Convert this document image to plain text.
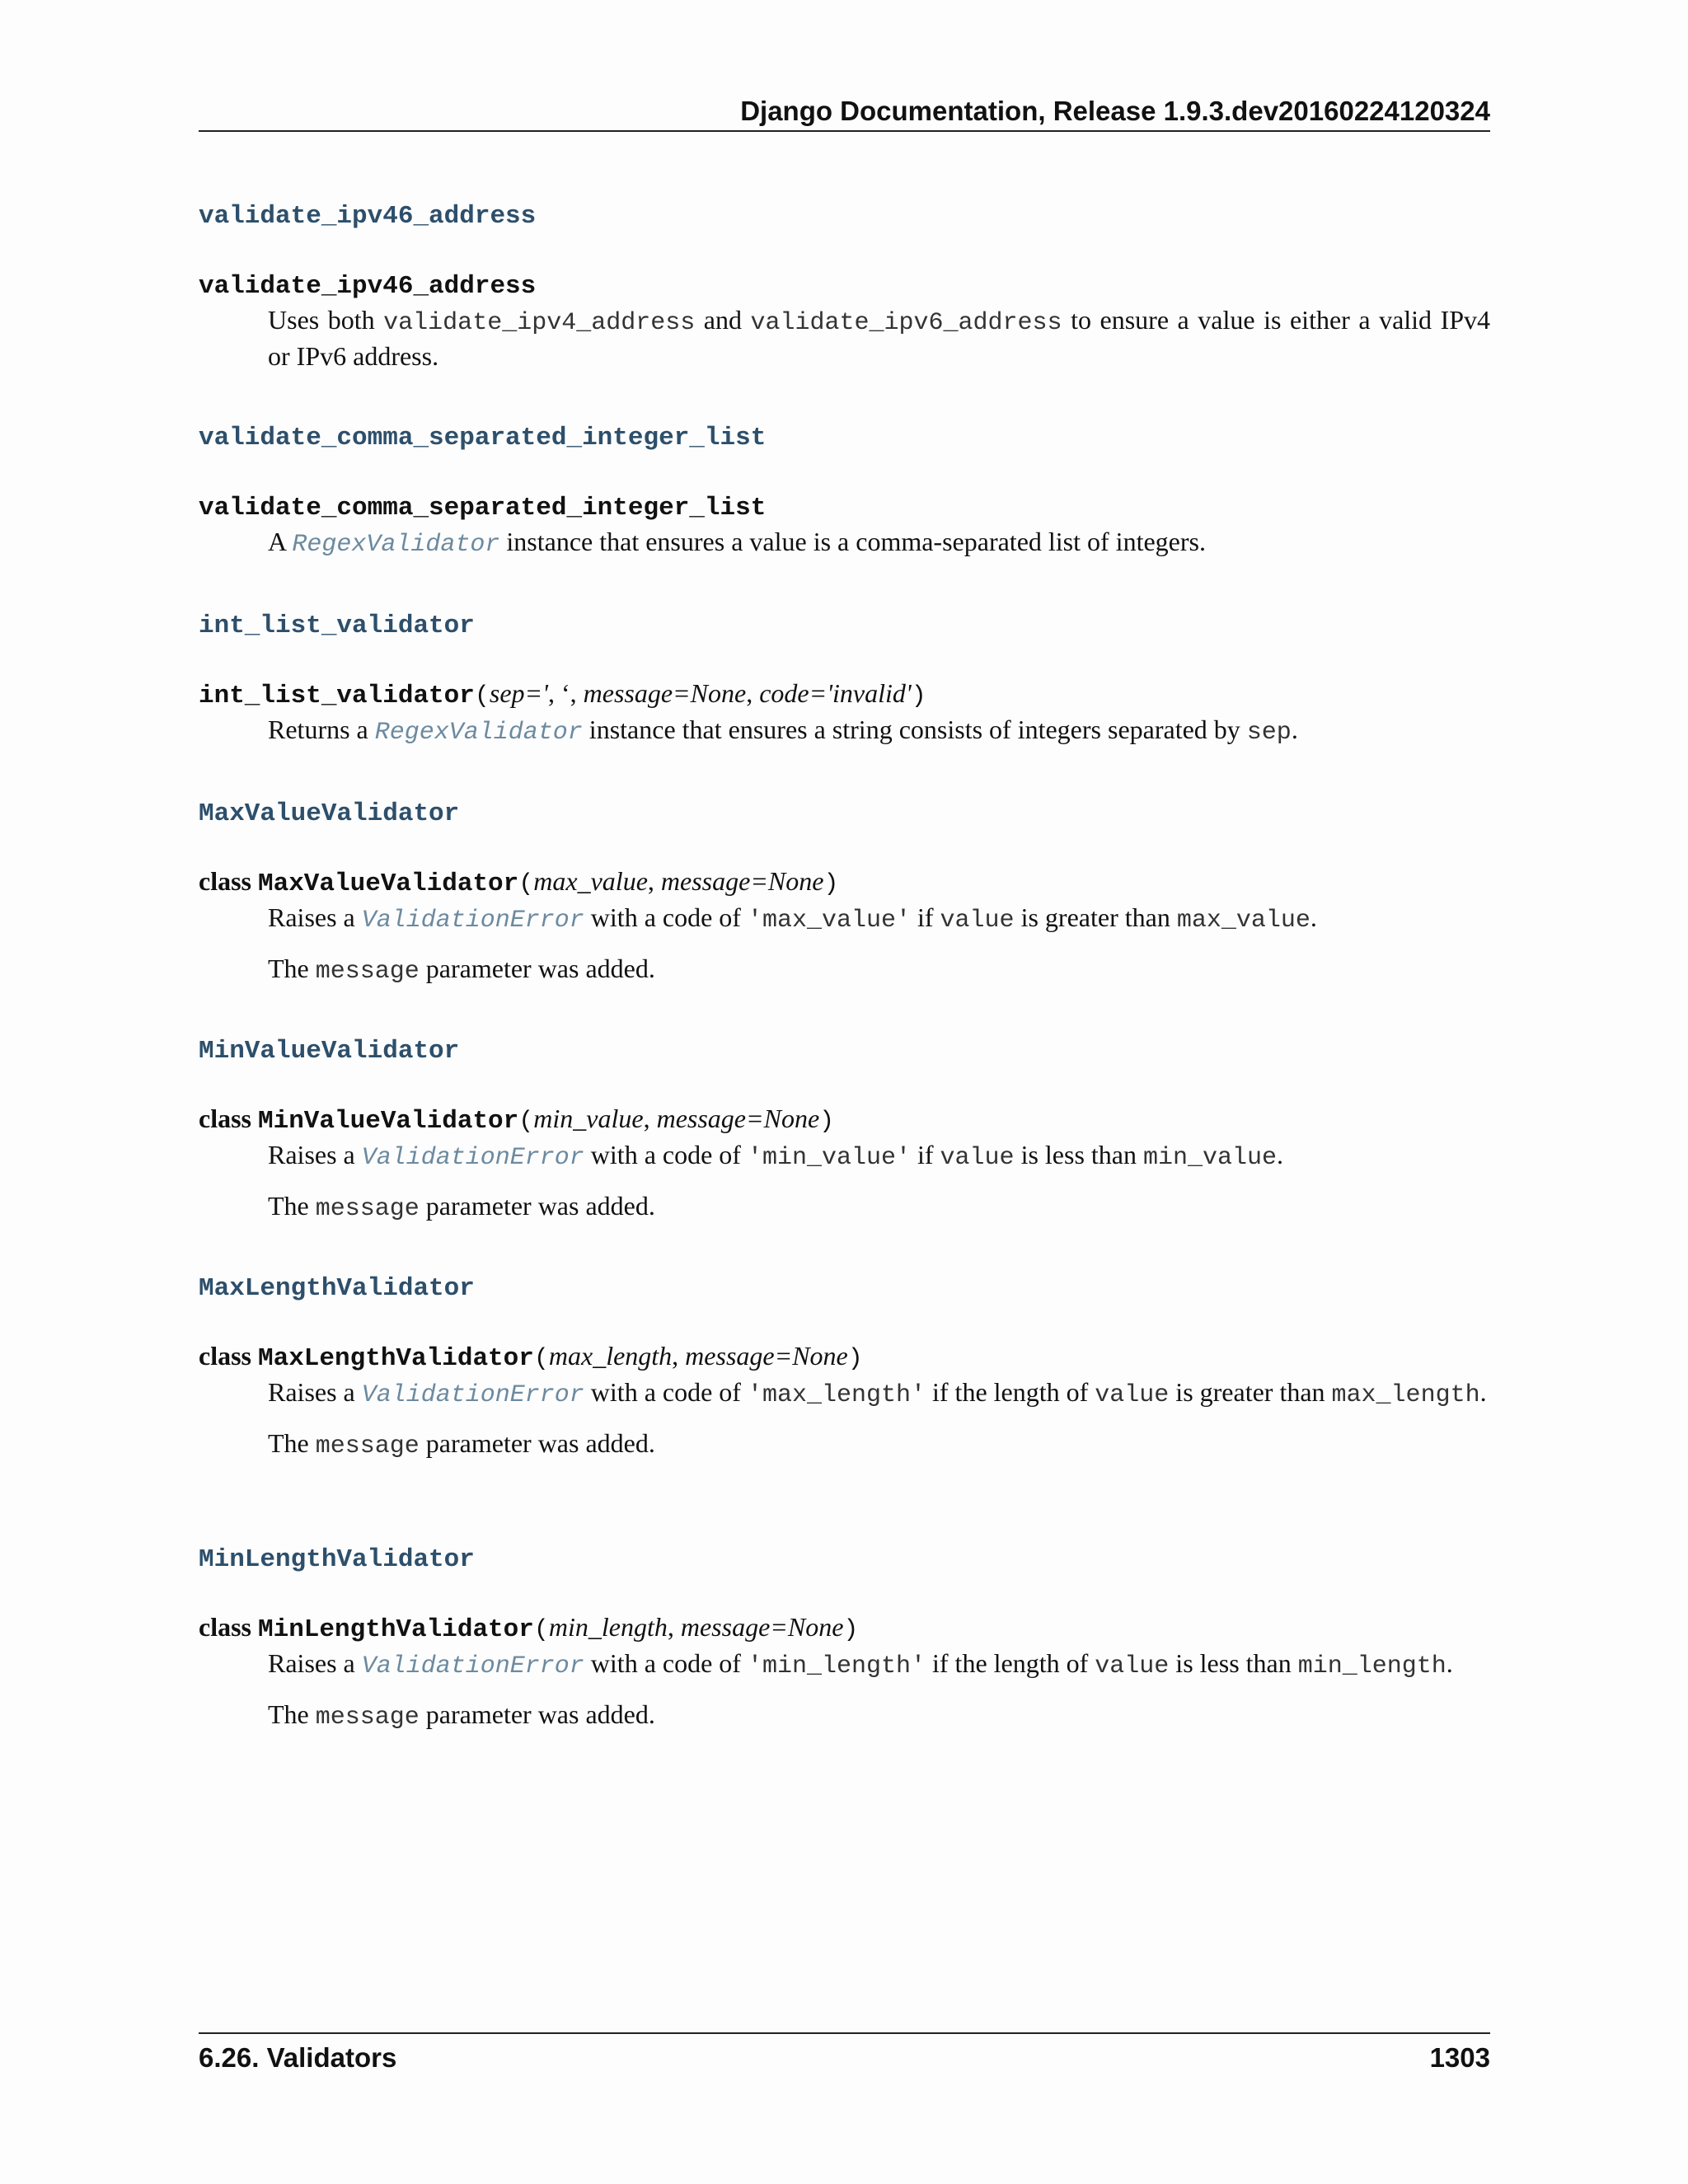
Django Documentation, Release 1.9.3.dev20160224120324
validate_ipv46_address
validate_ipv46_address
Uses both validate_ipv4_address and validate_ipv6_address to ensure a value is either a valid IPv4 or IPv6 address.
validate_comma_separated_integer_list
validate_comma_separated_integer_list
A RegexValidator instance that ensures a value is a comma-separated list of integers.
int_list_validator
int_list_validator(sep=', ‘, message=None, code='invalid')
Returns a RegexValidator instance that ensures a string consists of integers separated by sep.
MaxValueValidator
class MaxValueValidator(max_value, message=None)
Raises a ValidationError with a code of 'max_value' if value is greater than max_value.
The message parameter was added.
MinValueValidator
class MinValueValidator(min_value, message=None)
Raises a ValidationError with a code of 'min_value' if value is less than min_value.
The message parameter was added.
MaxLengthValidator
class MaxLengthValidator(max_length, message=None)
Raises a ValidationError with a code of 'max_length' if the length of value is greater than max_length.
The message parameter was added.
MinLengthValidator
class MinLengthValidator(min_length, message=None)
Raises a ValidationError with a code of 'min_length' if the length of value is less than min_length.
The message parameter was added.
6.26. Validators	1303
